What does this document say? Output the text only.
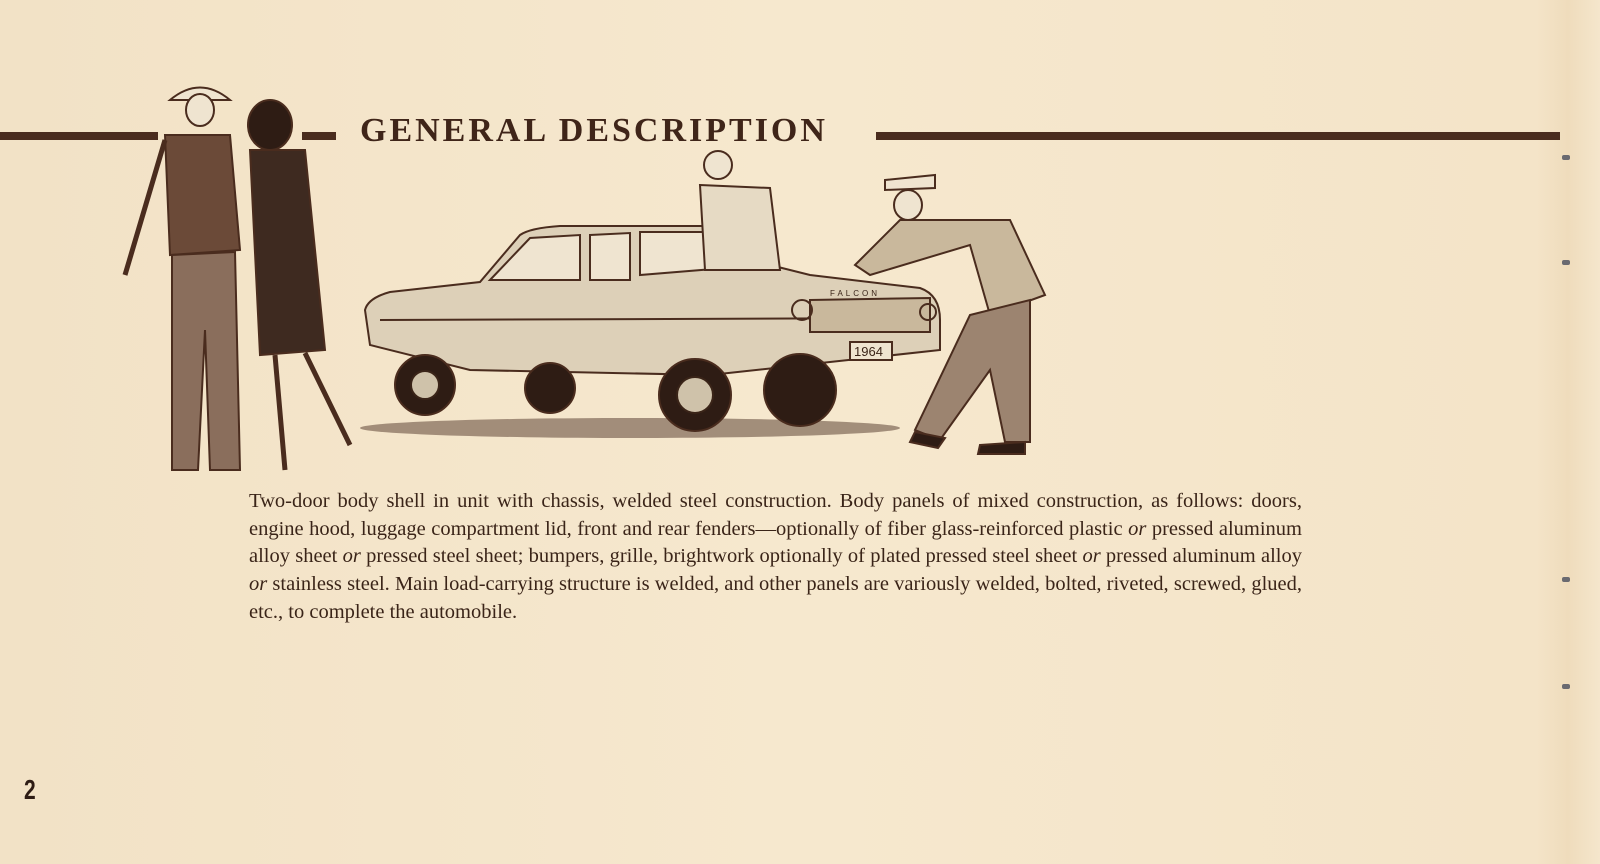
GENERAL DESCRIPTION
1964
FALCON

Two-door body shell in unit with chassis, welded steel construction. Body panels of mixed construction, as follows: doors, engine hood, luggage compartment lid, front and rear fenders—optionally of fiber glass-reinforced plastic or pressed aluminum alloy sheet or pressed steel sheet; bumpers, grille, brightwork optionally of plated pressed steel sheet or pressed aluminum alloy or stainless steel. Main load-carrying structure is welded, and other panels are variously welded, bolted, riveted, screwed, glued, etc., to complete the automobile.

2
